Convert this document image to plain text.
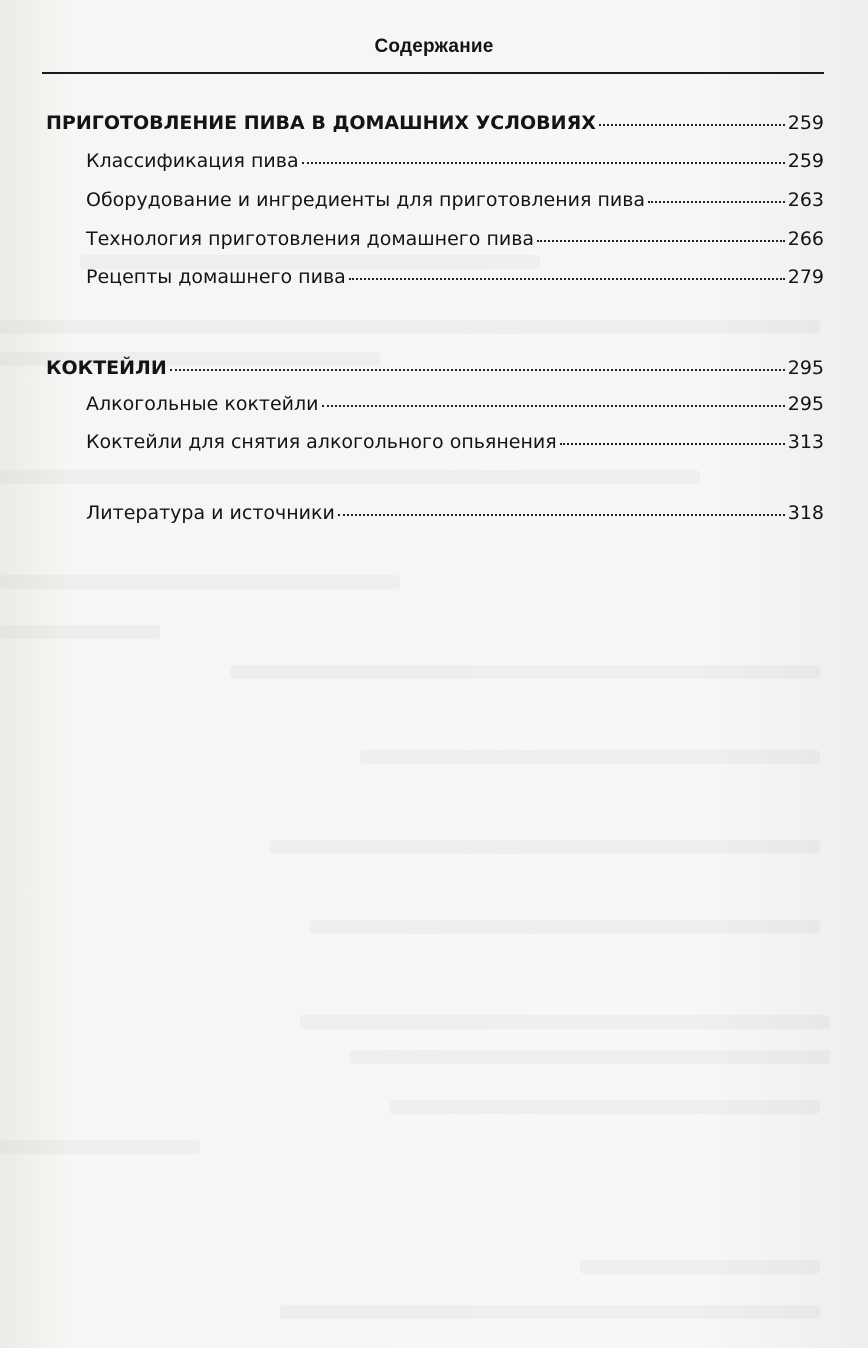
Содержание
ПРИГОТОВЛЕНИЕ ПИВА В ДОМАШНИХ УСЛОВИЯХ	259
Классификация пива	259
Оборудование и ингредиенты для приготовления пива	263
Технология приготовления домашнего пива	266
Рецепты домашнего пива	279
КОКТЕЙЛИ	295
Алкогольные коктейли	295
Коктейли для снятия алкогольного опьянения	313
Литература и источники	318
